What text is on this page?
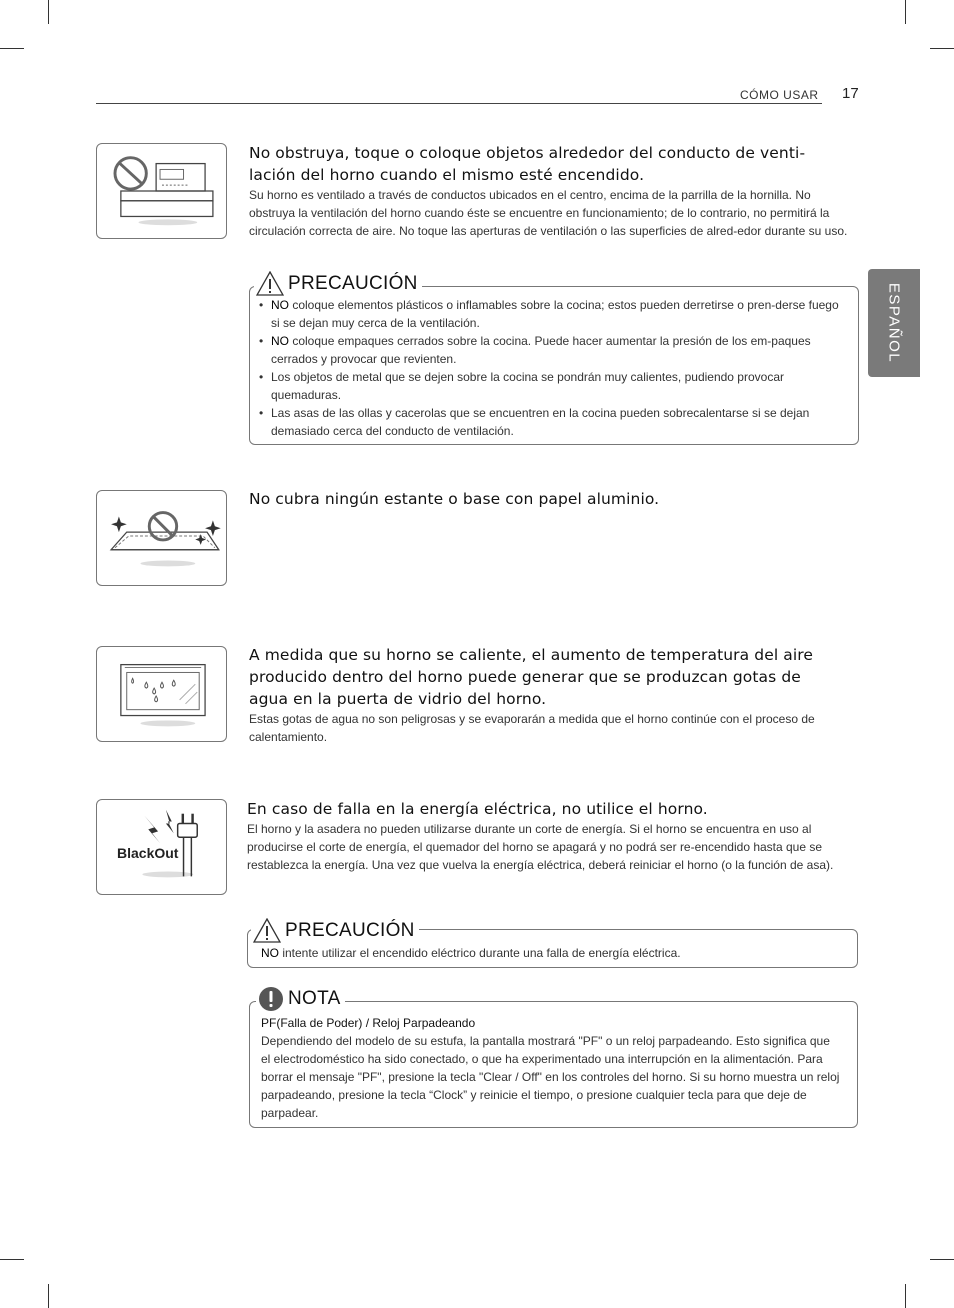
CÓMO USAR 17
ESPAÑOL
No obstruya, toque o coloque objetos alrededor del conducto de venti-
lación del horno cuando el mismo esté encendido.
Su horno es ventilado a través de conductos ubicados en el centro, encima de la parrilla de la hornilla. No obstruya la ventilación del horno cuando éste se encuentre en funcionamiento; de lo contrario, no permitirá la circulación correcta de aire. No toque las aperturas de ventilación o las superficies de alred-edor durante su uso.
PRECAUCIÓN
• NO coloque elementos plásticos o inflamables sobre la cocina; estos pueden derretirse o pren-derse fuego si se dejan muy cerca de la ventilación.
• NO coloque empaques cerrados sobre la cocina. Puede hacer aumentar la presión de los em-paques cerrados y provocar que revienten.
• Los objetos de metal que se dejen sobre la cocina se pondrán muy calientes, pudiendo provocar quemaduras.
• Las asas de las ollas y cacerolas que se encuentren en la cocina pueden sobrecalentarse si se dejan demasiado cerca del conducto de ventilación.
No cubra ningún estante o base con papel aluminio.
A medida que su horno se caliente, el aumento de temperatura del aire
producido dentro del horno puede generar que se produzcan gotas de
agua en la puerta de vidrio del horno.
Estas gotas de agua no son peligrosas y se evaporarán a medida que el horno continúe con el proceso de calentamiento.
BlackOut
En caso de falla en la energía eléctrica, no utilice el horno.
El horno y la asadera no pueden utilizarse durante un corte de energía. Si el horno se encuentra en uso al producirse el corte de energía, el quemador del horno se apagará y no podrá ser re-encendido hasta que se restablezca la energía. Una vez que vuelva la energía eléctrica, deberá reiniciar el horno (o la función de asa).
PRECAUCIÓN
NO intente utilizar el encendido eléctrico durante una falla de energía eléctrica.
NOTA
PF(Falla de Poder) / Reloj Parpadeando
Dependiendo del modelo de su estufa, la pantalla mostrará "PF" o un reloj parpadeando. Esto significa que el electrodoméstico ha sido conectado, o que ha experimentado una interrupción en la alimentación. Para borrar el mensaje "PF", presione la tecla "Clear / Off" en los controles del horno. Si su horno muestra un reloj parpadeando, presione la tecla “Clock” y reinicie el tiempo, o presione cualquier tecla para que deje de parpadear.
